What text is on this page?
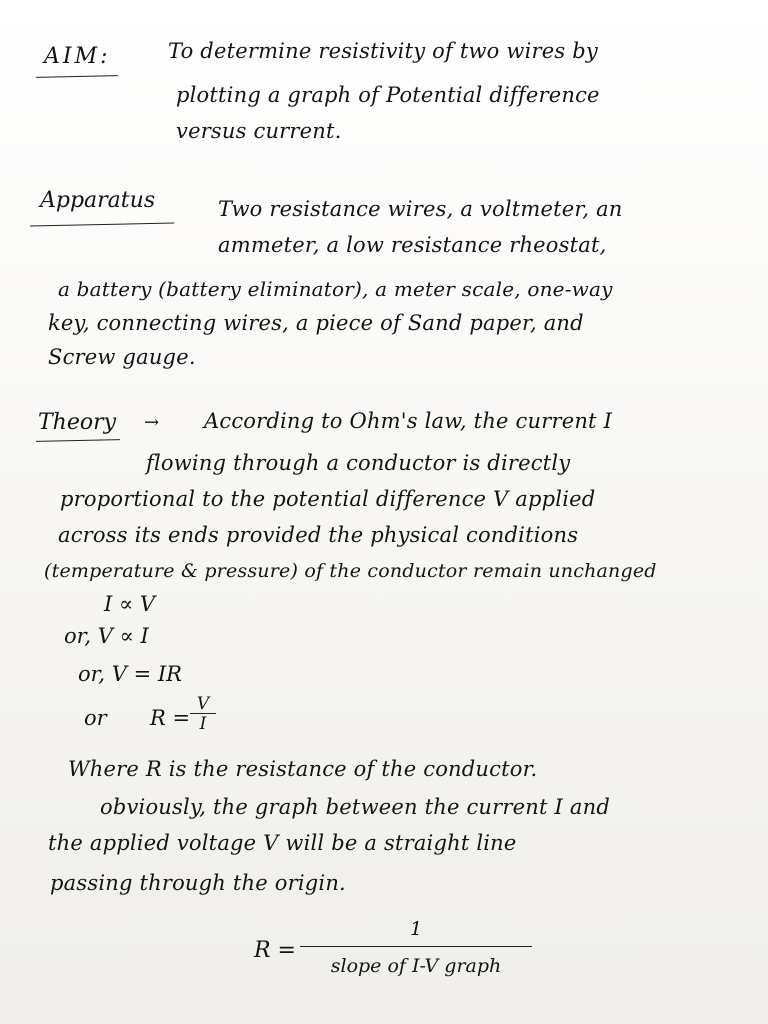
AIM:	To determine resistivity of two wires by
plotting a graph of Potential difference
versus current.
Apparatus	Two resistance wires, a voltmeter, an
ammeter, a low resistance rheostat,
a battery (battery eliminator), a meter scale, one-way
key, connecting wires, a piece of Sand paper, and
Screw gauge.
Theory → According to Ohm's law, the current I
flowing through a conductor is directly
proportional to the potential difference V applied
across its ends provided the physical conditions
(temperature & pressure) of the conductor remain unchanged
I ∝ V
or, V ∝ I
or, V = IR
or R =
V
I
Where R is the resistance of the conductor.
obviously, the graph between the current I and
the applied voltage V will be a straight line
passing through the origin.
R =
1
slope of I-V graph
